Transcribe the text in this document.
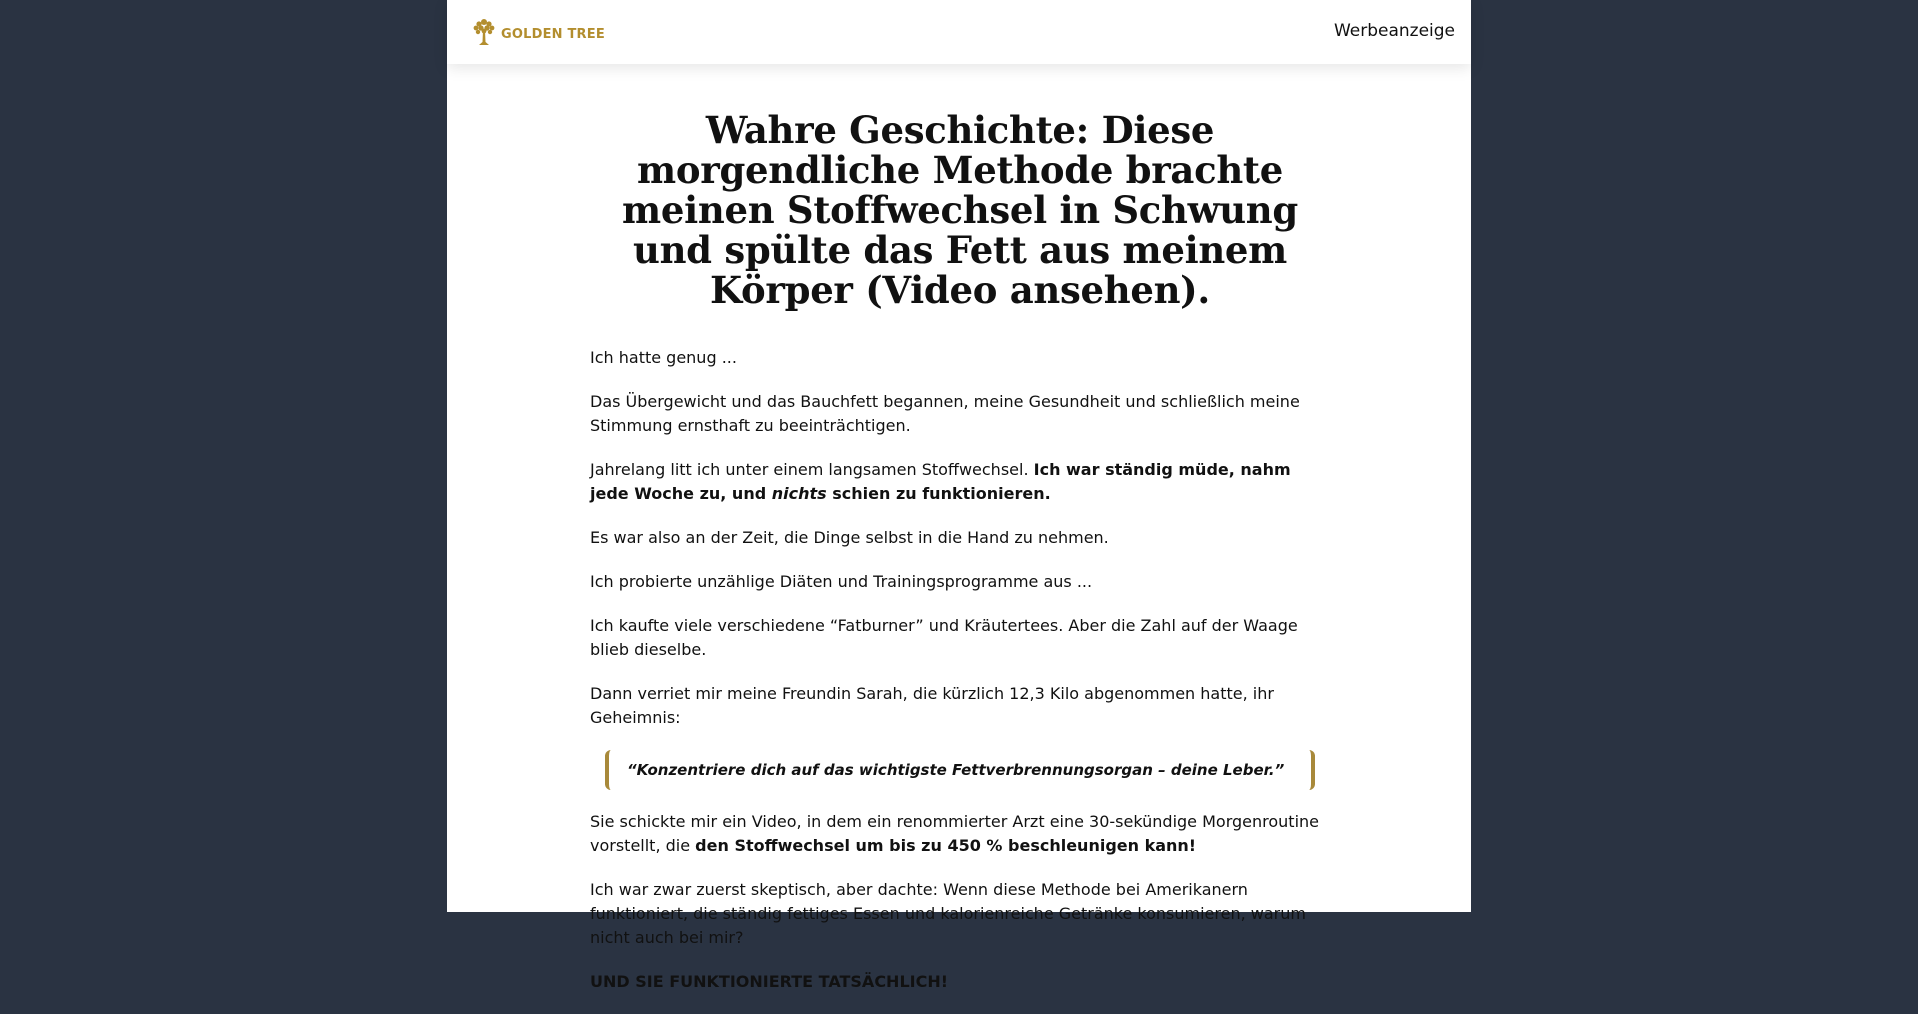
GOLDEN TREE	Werbeanzeige
Wahre Geschichte: Diese morgendliche Methode brachte meinen Stoffwechsel in Schwung und spülte das Fett aus meinem Körper (Video ansehen).

Ich hatte genug ...

Das Übergewicht und das Bauchfett begannen, meine Gesundheit und schließlich meine Stimmung ernsthaft zu beeinträchtigen.

Jahrelang litt ich unter einem langsamen Stoffwechsel. Ich war ständig müde, nahm jede Woche zu, und nichts schien zu funktionieren.

Es war also an der Zeit, die Dinge selbst in die Hand zu nehmen.

Ich probierte unzählige Diäten und Trainingsprogramme aus ...

Ich kaufte viele verschiedene “Fatburner” und Kräutertees. Aber die Zahl auf der Waage blieb dieselbe.

Dann verriet mir meine Freundin Sarah, die kürzlich 12,3 Kilo abgenommen hatte, ihr Geheimnis:

“Konzentriere dich auf das wichtigste Fettverbrennungsorgan – deine Leber.”

Sie schickte mir ein Video, in dem ein renommierter Arzt eine 30-sekündige Morgenroutine vorstellt, die den Stoffwechsel um bis zu 450 % beschleunigen kann!

Ich war zwar zuerst skeptisch, aber dachte: Wenn diese Methode bei Amerikanern funktioniert, die ständig fettiges Essen und kalorienreiche Getränke konsumieren, warum nicht auch bei mir?

UND SIE FUNKTIONIERTE TATSÄCHLICH!
